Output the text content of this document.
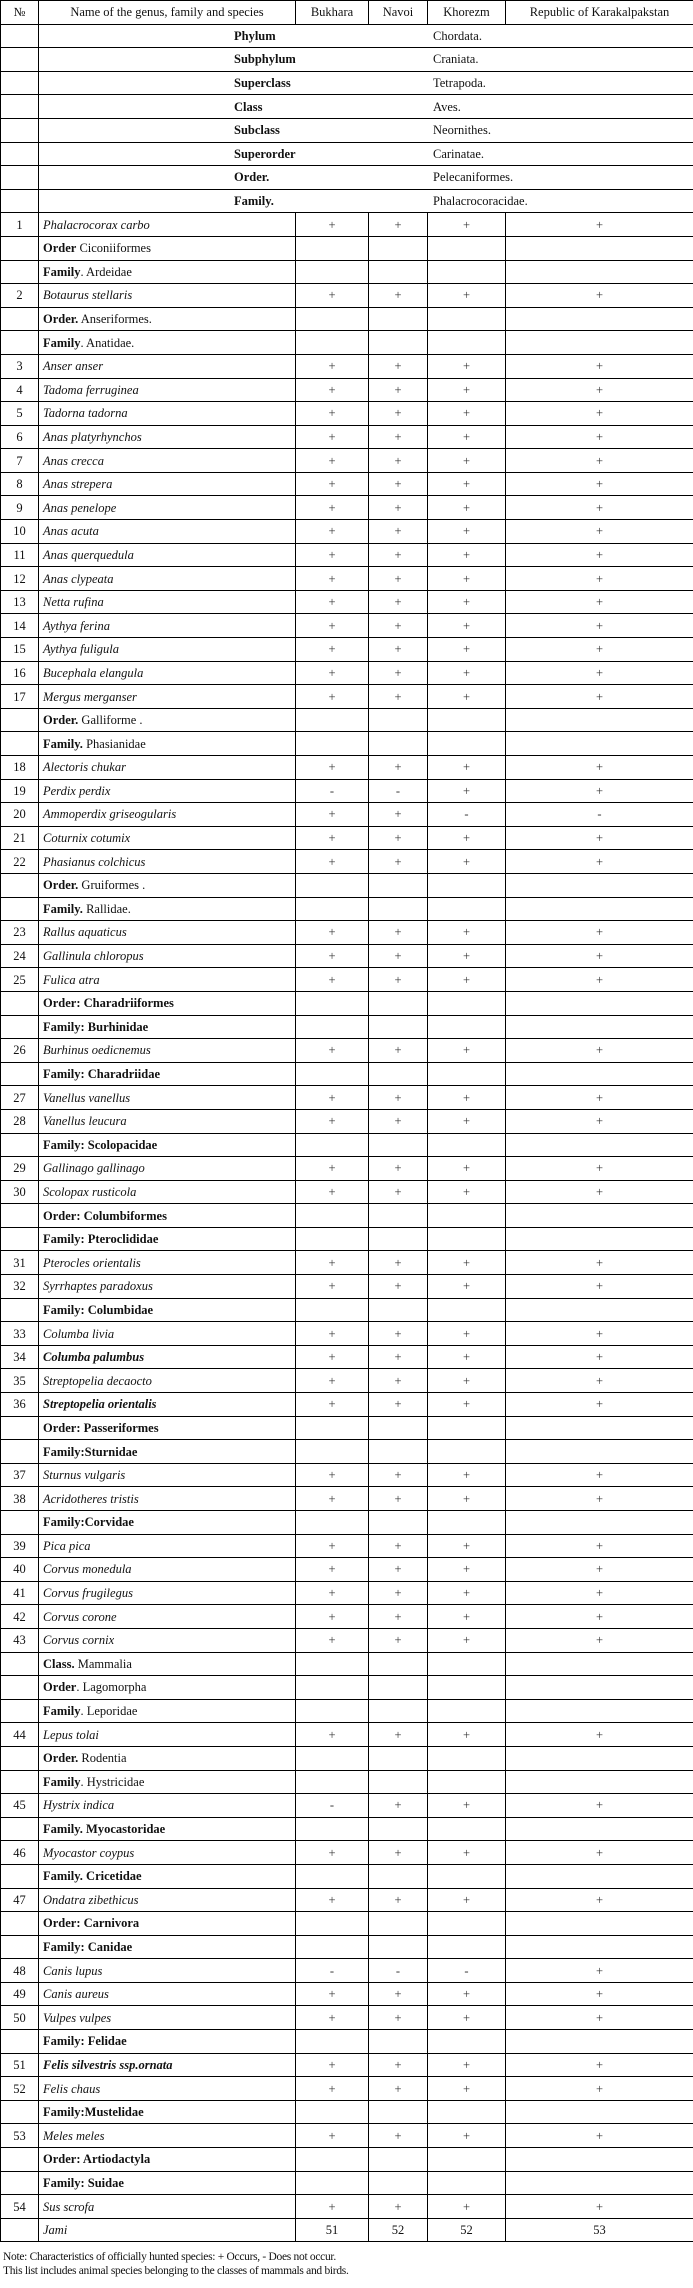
№	Name of the genus, family and species	Bukhara	Navoi	Khorezm	Republic of Karakalpakstan

	Phylum Chordata.				

	Subphylum Craniata.				

	Superclass Tetrapoda.				

	Class Aves.				

	Subclass Neornithes.				

	Superorder Carinatae.				

	Order. Pelecaniformes.				

	Family. Phalacrocoracidae.				

1	Phalacrocorax carbo	+	+	+	+
	Order Ciconiiformes				
	Family. Ardeidae				
2	Botaurus stellaris	+	+	+	+
	Order. Anseriformes.				
	Family. Anatidae.				
3	Anser anser	+	+	+	+
4	Tadoma ferruginea	+	+	+	+
5	Tadorna tadorna	+	+	+	+
6	Anas platyrhynchos	+	+	+	+
7	Anas crecca	+	+	+	+
8	Anas strepera	+	+	+	+
9	Anas penelope	+	+	+	+
10	Anas acuta	+	+	+	+
11	Anas querquedula	+	+	+	+
12	Anas clypeata	+	+	+	+
13	Netta rufina	+	+	+	+
14	Aythya ferina	+	+	+	+
15	Aythya fuligula	+	+	+	+
16	Bucephala elangula	+	+	+	+
17	Mergus merganser	+	+	+	+
	Order. Galliforme .				
	Family. Phasianidae				
18	Alectoris chukar	+	+	+	+
19	Perdix perdix	-	-	+	+
20	Ammoperdix griseogularis	+	+	-	-
21	Coturnix cotumix	+	+	+	+
22	Phasianus colchicus	+	+	+	+
	Order. Gruiformes .				
	Family. Rallidae.				
23	Rallus aquaticus	+	+	+	+
24	Gallinula chloropus	+	+	+	+
25	Fulica atra	+	+	+	+
	Order: Charadriiformes				
	Family: Burhinidae				
26	Burhinus oedicnemus	+	+	+	+
	Family: Charadriidae				
27	Vanellus vanellus	+	+	+	+
28	Vanellus leucura	+	+	+	+
	Family: Scolopacidae				
29	Gallinago gallinago	+	+	+	+
30	Scolopax rusticola	+	+	+	+
	Order: Columbiformes				
	Family: Pteroclididae				
31	Pterocles orientalis	+	+	+	+
32	Syrrhaptes paradoxus	+	+	+	+
	Family: Columbidae				
33	Columba livia	+	+	+	+
34	Columba palumbus	+	+	+	+
35	Streptopelia decaocto	+	+	+	+
36	Streptopelia orientalis	+	+	+	+
	Order: Passeriformes				
	Family:Sturnidae				
37	Sturnus vulgaris	+	+	+	+
38	Acridotheres tristis	+	+	+	+
	Family:Corvidae				
39	Pica pica	+	+	+	+
40	Corvus monedula	+	+	+	+
41	Corvus frugilegus	+	+	+	+
42	Corvus corone	+	+	+	+
43	Corvus cornix	+	+	+	+
	Class. Mammalia				
	Order. Lagomorpha				
	Family. Leporidae				
44	Lepus tolai	+	+	+	+
	Order. Rodentia				
	Family. Hystricidae				
45	Hystrix indica	-	+	+	+
	Family. Myocastoridae				
46	Myocastor coypus	+	+	+	+
	Family. Cricetidae				
47	Ondatra zibethicus	+	+	+	+
	Order: Carnivora				
	Family: Canidae				
48	Canis lupus	-	-	-	+
49	Canis aureus	+	+	+	+
50	Vulpes vulpes	+	+	+	+
	Family: Felidae				
51	Felis silvestris ssp.ornata	+	+	+	+
52	Felis chaus	+	+	+	+
	Family:Mustelidae				
53	Meles meles	+	+	+	+
	Order: Artiodactyla				
	Family: Suidae				
54	Sus scrofa	+	+	+	+
	Jami	51	52	52	53
Note: Characteristics of officially hunted species: + Occurs, - Does not occur.
This list includes animal species belonging to the classes of mammals and birds.
